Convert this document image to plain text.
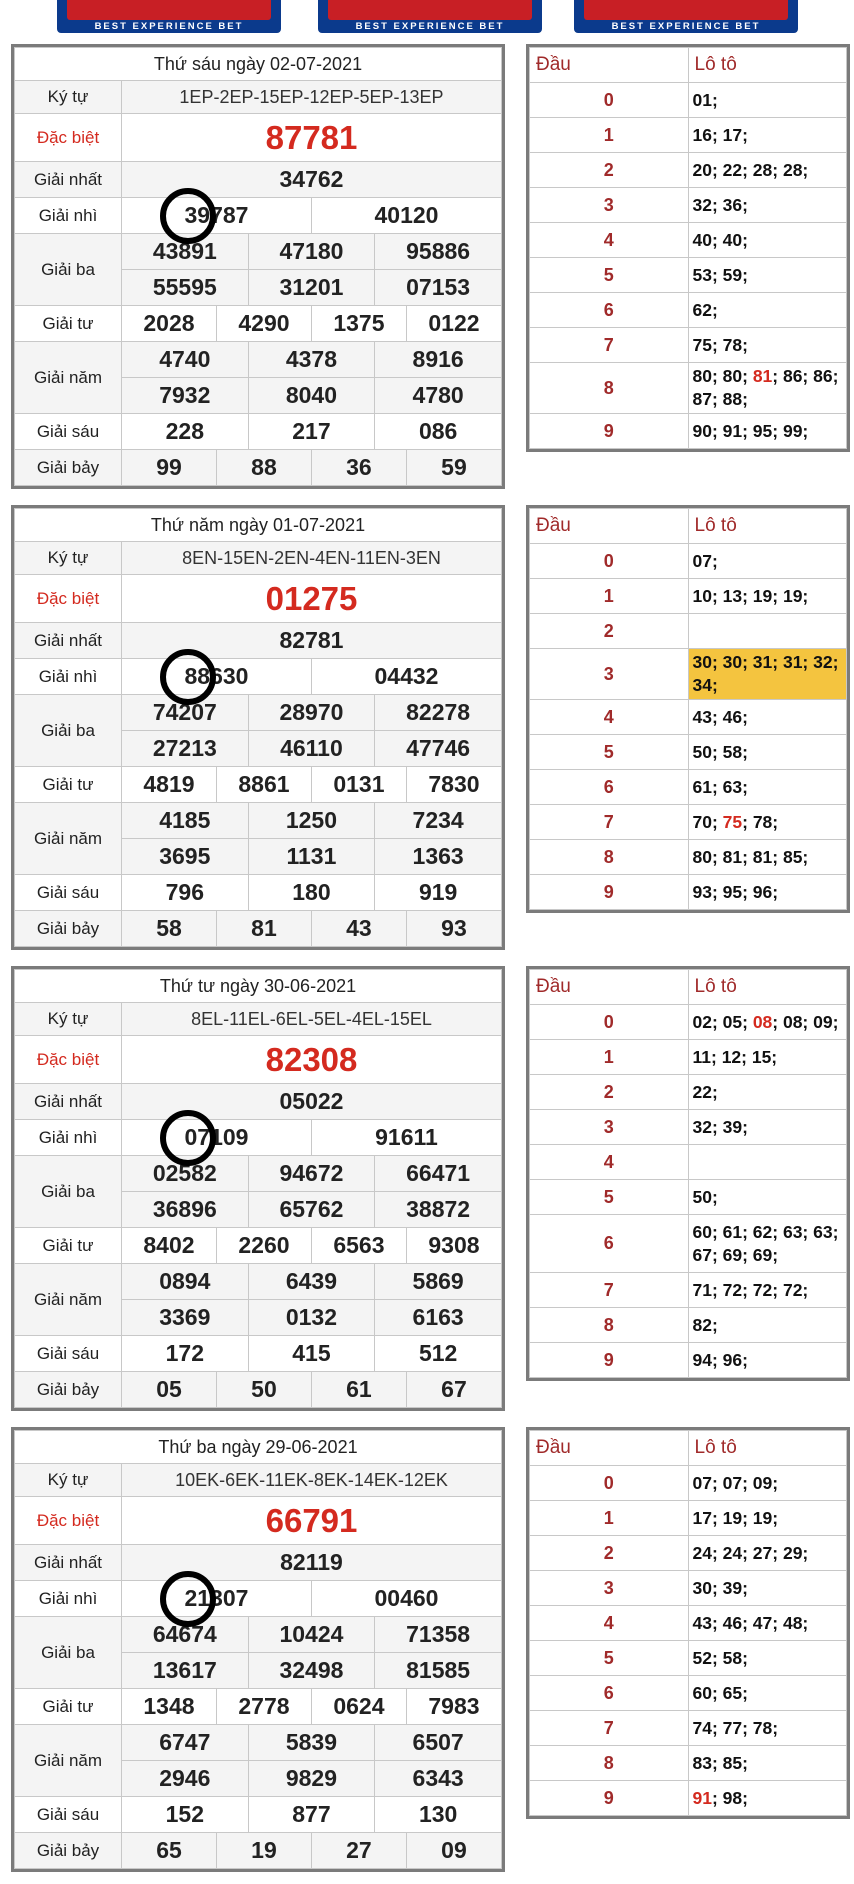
BEST EXPERIENCE BET	BEST EXPERIENCE BET	BEST EXPERIENCE BET
Thứ sáu ngày 02-07-2021						
Ký tự	1EP-2EP-15EP-12EP-5EP-13EP					
Đặc biệt	87781					
Giải nhất	34762					
Giải nhì	39787			40120		
Giải ba	43891		47180		95886	
	55595		31201		07153	
Giải tư	2028	4290		1375		0122
Giải năm	4740		4378		8916	
	7932		8040		4780	
Giải sáu	228		217		086	
Giải bảy	99	88		36		59
Đầu	Lô tô
0	01;
1	16; 17;
2	20; 22; 28; 28;
3	32; 36;
4	40; 40;
5	53; 59;
6	62;
7	75; 78;
8	80; 80; 81; 86; 86; 87; 88;
9	90; 91; 95; 99;
Thứ năm ngày 01-07-2021						
Ký tự	8EN-15EN-2EN-4EN-11EN-3EN					
Đặc biệt	01275					
Giải nhất	82781					
Giải nhì	88630			04432		
Giải ba	74207		28970		82278	
	27213		46110		47746	
Giải tư	4819	8861		0131		7830
Giải năm	4185		1250		7234	
	3695		1131		1363	
Giải sáu	796		180		919	
Giải bảy	58	81		43		93
Đầu	Lô tô
0	07;
1	10; 13; 19; 19;
2	
3	30; 30; 31; 31; 32; 34;
4	43; 46;
5	50; 58;
6	61; 63;
7	70; 75; 78;
8	80; 81; 81; 85;
9	93; 95; 96;
Thứ tư ngày 30-06-2021						
Ký tự	8EL-11EL-6EL-5EL-4EL-15EL					
Đặc biệt	82308					
Giải nhất	05022					
Giải nhì	07109			91611		
Giải ba	02582		94672		66471	
	36896		65762		38872	
Giải tư	8402	2260		6563		9308
Giải năm	0894		6439		5869	
	3369		0132		6163	
Giải sáu	172		415		512	
Giải bảy	05	50		61		67
Đầu	Lô tô
0	02; 05; 08; 08; 09;
1	11; 12; 15;
2	22;
3	32; 39;
4	
5	50;
6	60; 61; 62; 63; 63; 67; 69; 69;
7	71; 72; 72; 72;
8	82;
9	94; 96;
Thứ ba ngày 29-06-2021						
Ký tự	10EK-6EK-11EK-8EK-14EK-12EK					
Đặc biệt	66791					
Giải nhất	82119					
Giải nhì	21307			00460		
Giải ba	64674		10424		71358	
	13617		32498		81585	
Giải tư	1348	2778		0624		7983
Giải năm	6747		5839		6507	
	2946		9829		6343	
Giải sáu	152		877		130	
Giải bảy	65	19		27		09
Đầu	Lô tô
0	07; 07; 09;
1	17; 19; 19;
2	24; 24; 27; 29;
3	30; 39;
4	43; 46; 47; 48;
5	52; 58;
6	60; 65;
7	74; 77; 78;
8	83; 85;
9	91; 98;
